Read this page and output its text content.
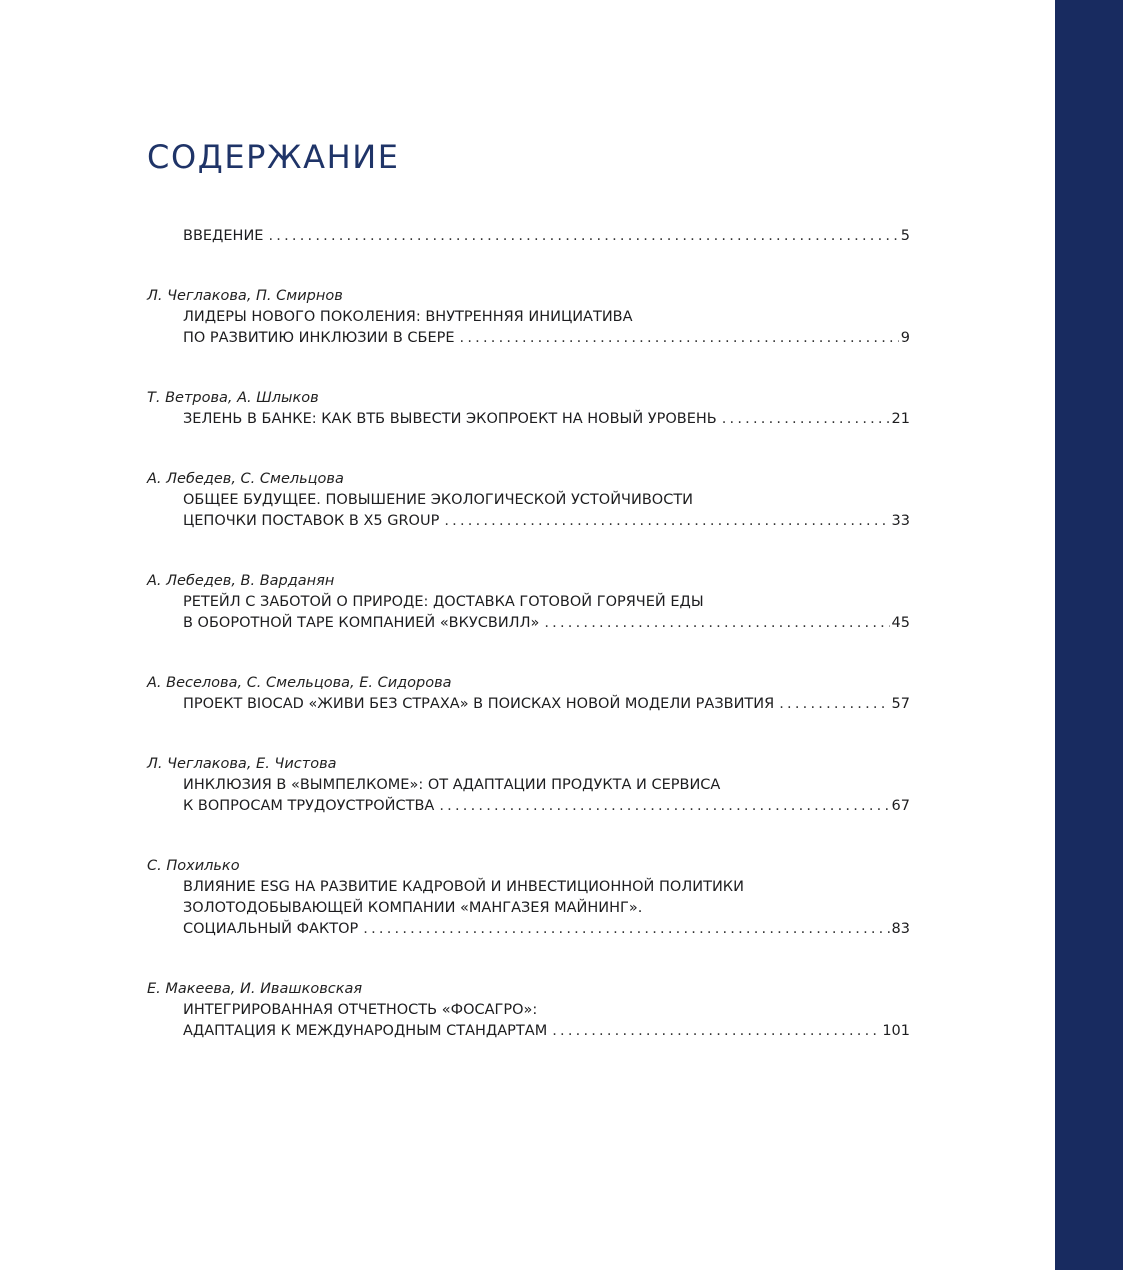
СОДЕРЖАНИЕ
ВВЕДЕНИЕ .....	5
Л. Чеглакова, П. Смирнов
ЛИДЕРЫ НОВОГО ПОКОЛЕНИЯ: ВНУТРЕННЯЯ ИНИЦИАТИВА
ПО РАЗВИТИЮ ИНКЛЮЗИИ В СБЕРЕ .....	9
Т. Ветрова, А. Шлыков
ЗЕЛЕНЬ В БАНКЕ: КАК ВТБ ВЫВЕСТИ ЭКОПРОЕКТ НА НОВЫЙ УРОВЕНЬ .....	21
А. Лебедев, С. Смельцова
ОБЩЕЕ БУДУЩЕЕ. ПОВЫШЕНИЕ ЭКОЛОГИЧЕСКОЙ УСТОЙЧИВОСТИ
ЦЕПОЧКИ ПОСТАВОК В X5 GROUP .....	33
А. Лебедев, В. Варданян
РЕТЕЙЛ С ЗАБОТОЙ О ПРИРОДЕ: ДОСТАВКА ГОТОВОЙ ГОРЯЧЕЙ ЕДЫ
В ОБОРОТНОЙ ТАРЕ КОМПАНИЕЙ «ВКУСВИЛЛ» .....	45
А. Веселова, С. Смельцова, Е. Сидорова
ПРОЕКТ BIOCAD «ЖИВИ БЕЗ СТРАХА» В ПОИСКАХ НОВОЙ МОДЕЛИ РАЗВИТИЯ .....	57
Л. Чеглакова, Е. Чистова
ИНКЛЮЗИЯ В «ВЫМПЕЛКОМЕ»: ОТ АДАПТАЦИИ ПРОДУКТА И СЕРВИСА
К ВОПРОСАМ ТРУДОУСТРОЙСТВА .....	67
С. Похилько
ВЛИЯНИЕ ESG НА РАЗВИТИЕ КАДРОВОЙ И ИНВЕСТИЦИОННОЙ ПОЛИТИКИ
ЗОЛОТОДОБЫВАЮЩЕЙ КОМПАНИИ «МАНГАЗЕЯ МАЙНИНГ».
СОЦИАЛЬНЫЙ ФАКТОР .....	83
Е. Макеева, И. Ивашковская
ИНТЕГРИРОВАННАЯ ОТЧЕТНОСТЬ «ФОСАГРО»:
АДАПТАЦИЯ К МЕЖДУНАРОДНЫМ СТАНДАРТАМ .....	101
